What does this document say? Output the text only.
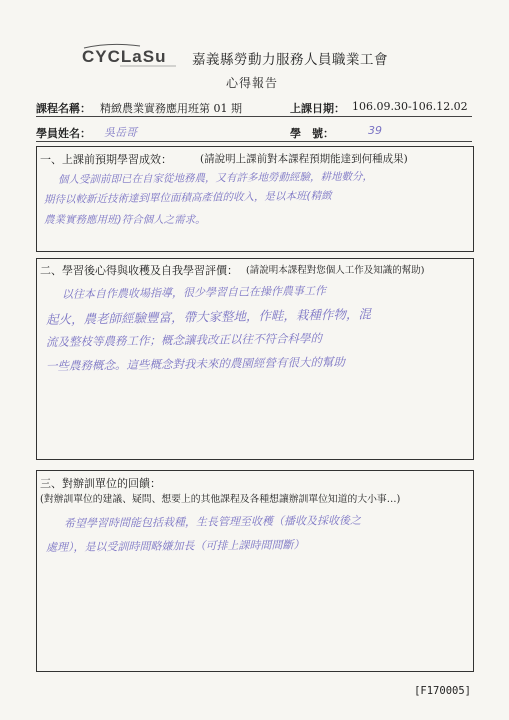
CYCLaSu 嘉義縣勞動力服務人員職業工會
心得報告
課程名稱： 精緻農業實務應用班第 01 期	上課日期： 106.09.30-106.12.02
學員姓名： 吳岳哥	學　號：	39
一、上課前預期學習成效：	(請說明上課前對本課程預期能達到何種成果)
個人受訓前即已在自家從地務農，又有許多地勞動經驗，耕地數分，
期待以較新近技術達到單位面積高產值的收入，是以本班(精緻
農業實務應用班)符合個人之需求。
二、學習後心得與收穫及自我學習評價： (請說明本課程對您個人工作及知識的幫助)
以往本自作農收場指導，很少學習自己在操作農事工作
起火，農老師經驗豐富，帶大家整地，作畦，栽種作物，混
流及整枝等農務工作；概念讓我改正以往不符合科學的
一些農務概念。這些概念對我未來的農園經營有很大的幫助
三、對辦訓單位的回饋：
(對辦訓單位的建議、疑問、想要上的其他課程及各種想讓辦訓單位知道的大小事…)
希望學習時間能包括栽種，生長管理至收穫（播收及採收後之
處理），是以受訓時間略嫌加長（可排上課時間間斷）
[F170005]
